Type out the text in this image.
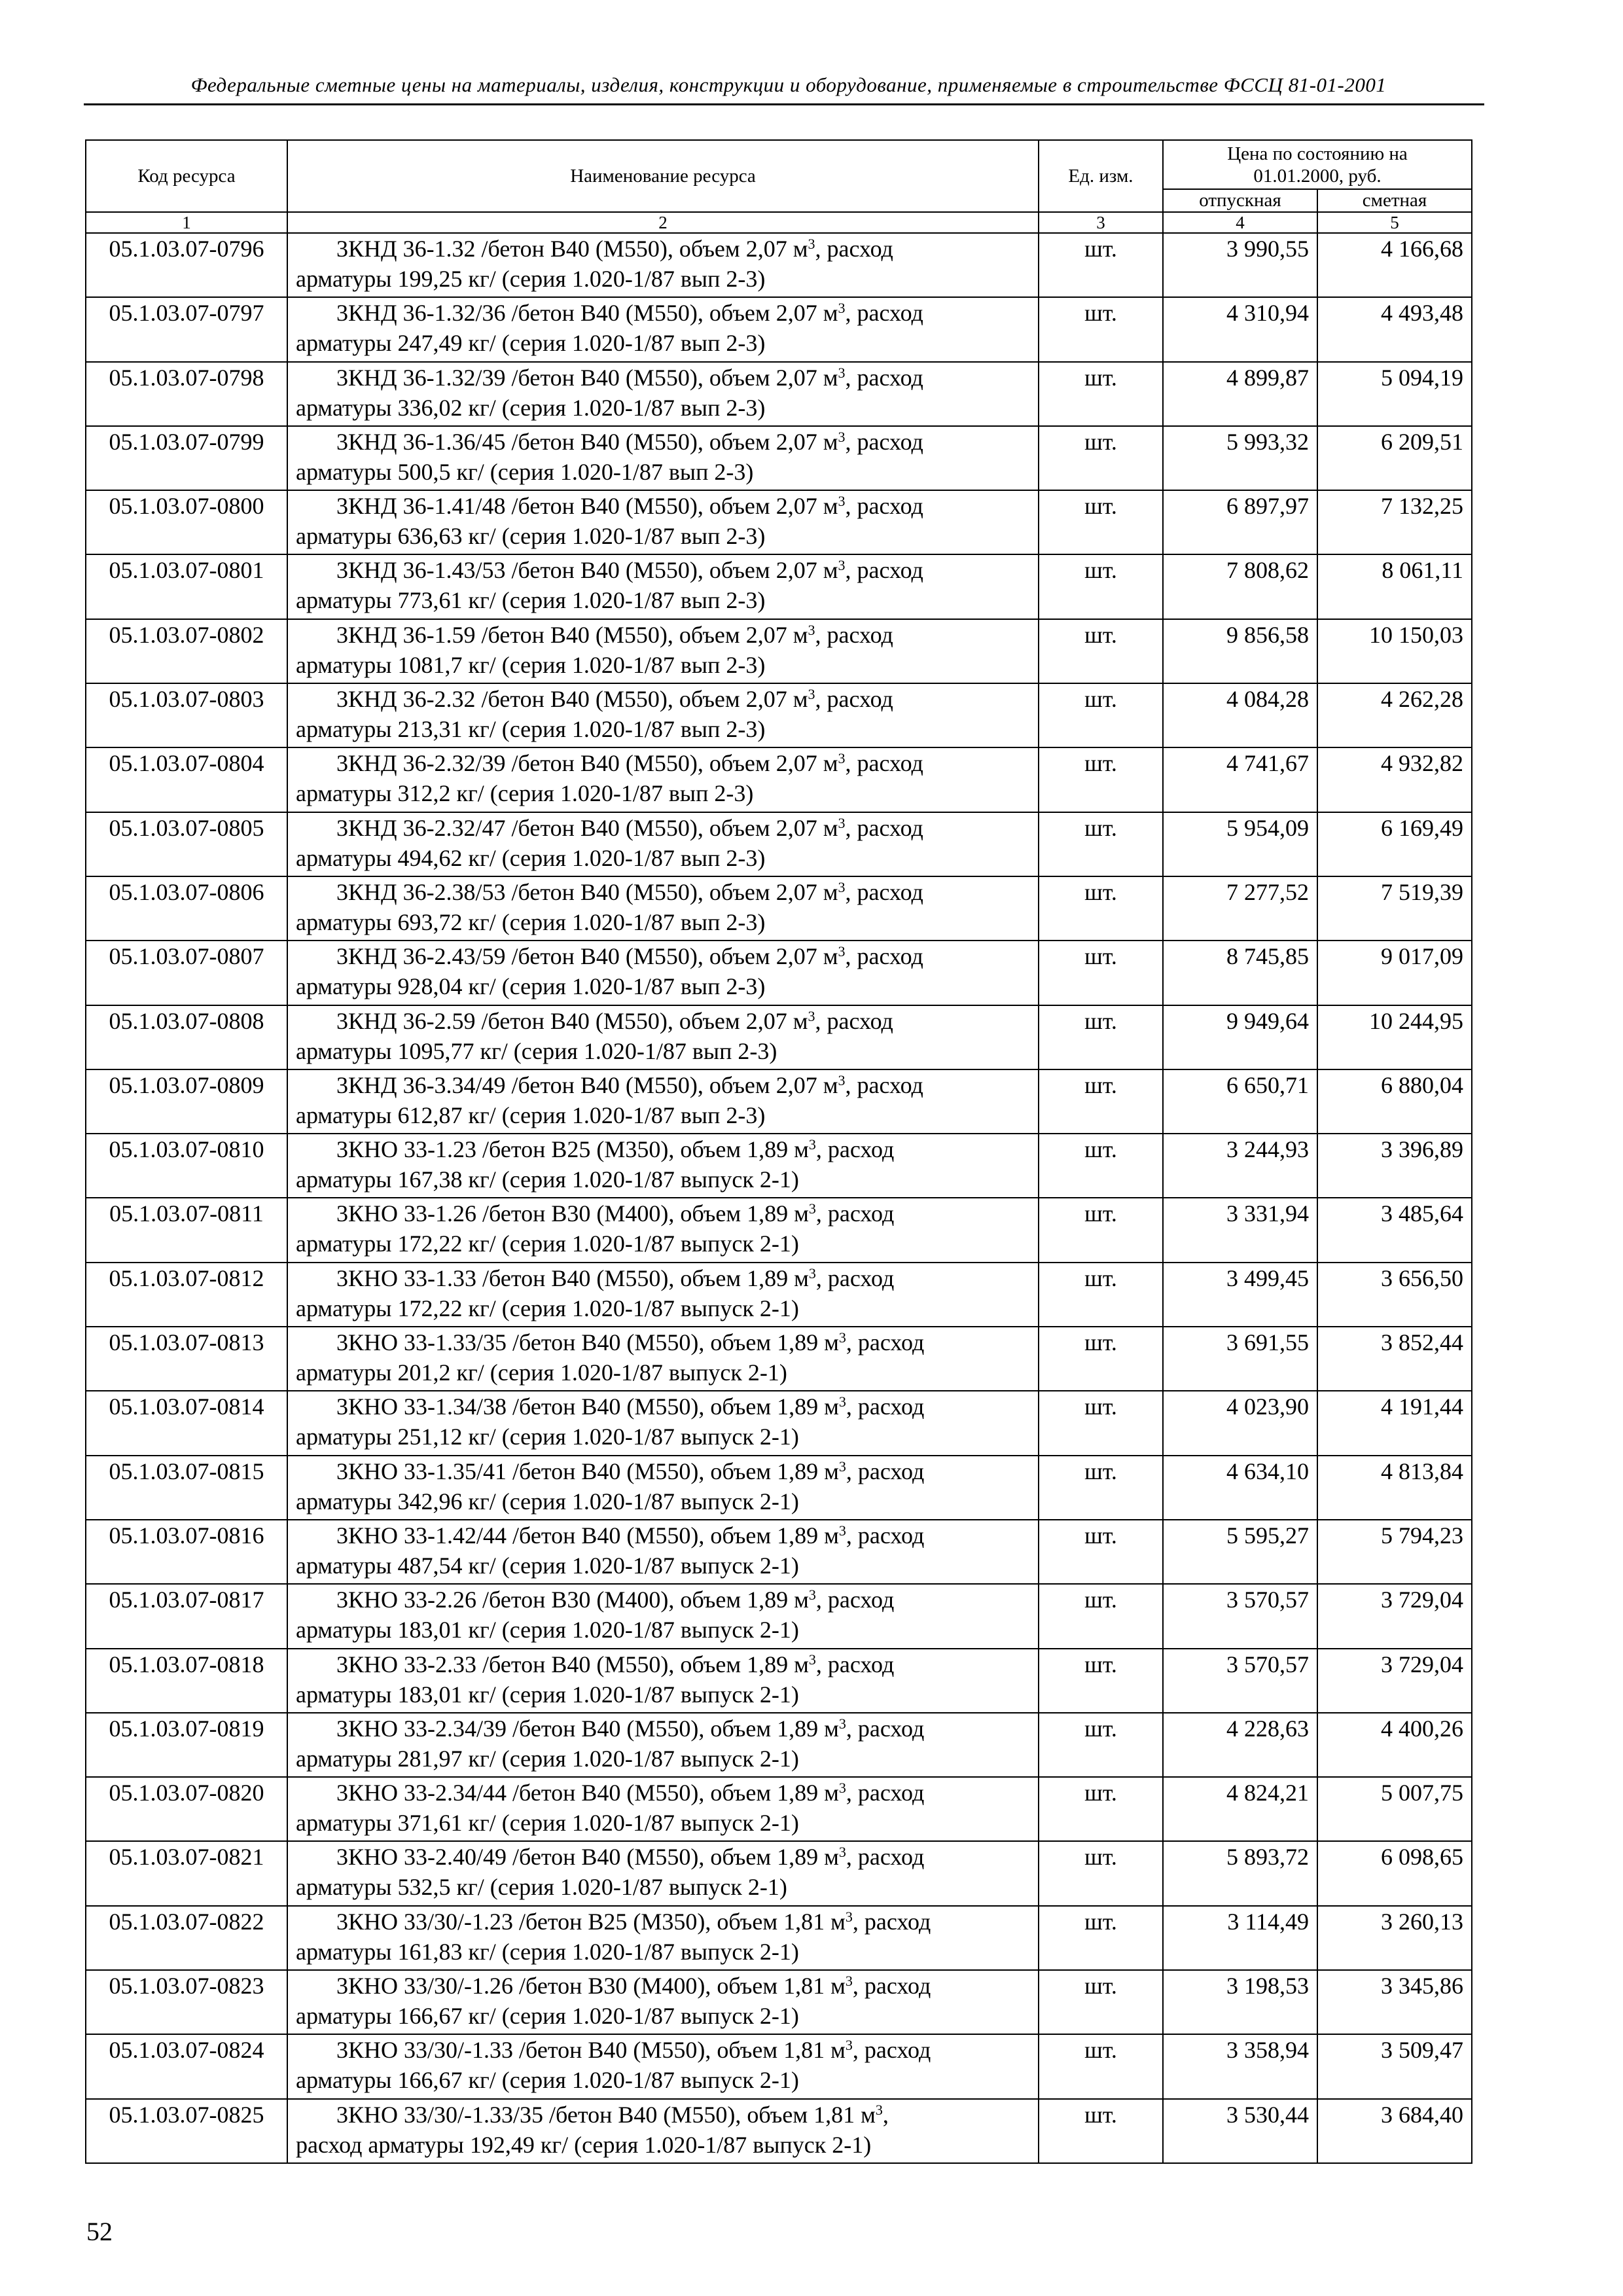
Федеральные сметные цены на материалы, изделия, конструкции и оборудование, применяемые в строительстве ФССЦ 81-01-2001
Код ресурса	Наименование ресурса	Ед. изм.	Цена по состоянию на 01.01.2000, руб.	
			отпускная	сметная
1	2	3	4	5
05.1.03.07-0796	3КНД 36-1.32 /бетон В40 (М550), объем 2,07 $м^3$, расход
арматуры 199,25 кг/ (серия 1.020-1/87 вып 2-3)	шт.	3 990,55	4 166,68
05.1.03.07-0797	3КНД 36-1.32/36 /бетон В40 (М550), объем 2,07 $м^3$, расход
арматуры 247,49 кг/ (серия 1.020-1/87 вып 2-3)	шт.	4 310,94	4 493,48
05.1.03.07-0798	3КНД 36-1.32/39 /бетон В40 (М550), объем 2,07 $м^3$, расход
арматуры 336,02 кг/ (серия 1.020-1/87 вып 2-3)	шт.	4 899,87	5 094,19
05.1.03.07-0799	3КНД 36-1.36/45 /бетон В40 (М550), объем 2,07 $м^3$, расход
арматуры 500,5 кг/ (серия 1.020-1/87 вып 2-3)	шт.	5 993,32	6 209,51
05.1.03.07-0800	3КНД 36-1.41/48 /бетон В40 (М550), объем 2,07 $м^3$, расход
арматуры 636,63 кг/ (серия 1.020-1/87 вып 2-3)	шт.	6 897,97	7 132,25
05.1.03.07-0801	3КНД 36-1.43/53 /бетон В40 (М550), объем 2,07 $м^3$, расход
арматуры 773,61 кг/ (серия 1.020-1/87 вып 2-3)	шт.	7 808,62	8 061,11
05.1.03.07-0802	3КНД 36-1.59 /бетон В40 (М550), объем 2,07 $м^3$, расход
арматуры 1081,7 кг/ (серия 1.020-1/87 вып 2-3)	шт.	9 856,58	10 150,03
05.1.03.07-0803	3КНД 36-2.32 /бетон В40 (М550), объем 2,07 $м^3$, расход
арматуры 213,31 кг/ (серия 1.020-1/87 вып 2-3)	шт.	4 084,28	4 262,28
05.1.03.07-0804	3КНД 36-2.32/39 /бетон В40 (М550), объем 2,07 $м^3$, расход
арматуры 312,2 кг/ (серия 1.020-1/87 вып 2-3)	шт.	4 741,67	4 932,82
05.1.03.07-0805	3КНД 36-2.32/47 /бетон В40 (М550), объем 2,07 $м^3$, расход
арматуры 494,62 кг/ (серия 1.020-1/87 вып 2-3)	шт.	5 954,09	6 169,49
05.1.03.07-0806	3КНД 36-2.38/53 /бетон В40 (М550), объем 2,07 $м^3$, расход
арматуры 693,72 кг/ (серия 1.020-1/87 вып 2-3)	шт.	7 277,52	7 519,39
05.1.03.07-0807	3КНД 36-2.43/59 /бетон В40 (М550), объем 2,07 $м^3$, расход
арматуры 928,04 кг/ (серия 1.020-1/87 вып 2-3)	шт.	8 745,85	9 017,09
05.1.03.07-0808	3КНД 36-2.59 /бетон В40 (М550), объем 2,07 $м^3$, расход
арматуры 1095,77 кг/ (серия 1.020-1/87 вып 2-3)	шт.	9 949,64	10 244,95
05.1.03.07-0809	3КНД 36-3.34/49 /бетон В40 (М550), объем 2,07 $м^3$, расход
арматуры 612,87 кг/ (серия 1.020-1/87 вып 2-3)	шт.	6 650,71	6 880,04
05.1.03.07-0810	3КНО 33-1.23 /бетон В25 (М350), объем 1,89 $м^3$, расход
арматуры 167,38 кг/ (серия 1.020-1/87 выпуск 2-1)	шт.	3 244,93	3 396,89
05.1.03.07-0811	3КНО 33-1.26 /бетон В30 (М400), объем 1,89 $м^3$, расход
арматуры 172,22 кг/ (серия 1.020-1/87 выпуск 2-1)	шт.	3 331,94	3 485,64
05.1.03.07-0812	3КНО 33-1.33 /бетон В40 (М550), объем 1,89 $м^3$, расход
арматуры 172,22 кг/ (серия 1.020-1/87 выпуск 2-1)	шт.	3 499,45	3 656,50
05.1.03.07-0813	3КНО 33-1.33/35 /бетон В40 (М550), объем 1,89 $м^3$, расход
арматуры 201,2 кг/ (серия 1.020-1/87 выпуск 2-1)	шт.	3 691,55	3 852,44
05.1.03.07-0814	3КНО 33-1.34/38 /бетон В40 (М550), объем 1,89 $м^3$, расход
арматуры 251,12 кг/ (серия 1.020-1/87 выпуск 2-1)	шт.	4 023,90	4 191,44
05.1.03.07-0815	3КНО 33-1.35/41 /бетон В40 (М550), объем 1,89 $м^3$, расход
арматуры 342,96 кг/ (серия 1.020-1/87 выпуск 2-1)	шт.	4 634,10	4 813,84
05.1.03.07-0816	3КНО 33-1.42/44 /бетон В40 (М550), объем 1,89 $м^3$, расход
арматуры 487,54 кг/ (серия 1.020-1/87 выпуск 2-1)	шт.	5 595,27	5 794,23
05.1.03.07-0817	3КНО 33-2.26 /бетон В30 (М400), объем 1,89 $м^3$, расход
арматуры 183,01 кг/ (серия 1.020-1/87 выпуск 2-1)	шт.	3 570,57	3 729,04
05.1.03.07-0818	3КНО 33-2.33 /бетон В40 (М550), объем 1,89 $м^3$, расход
арматуры 183,01 кг/ (серия 1.020-1/87 выпуск 2-1)	шт.	3 570,57	3 729,04
05.1.03.07-0819	3КНО 33-2.34/39 /бетон В40 (М550), объем 1,89 $м^3$, расход
арматуры 281,97 кг/ (серия 1.020-1/87 выпуск 2-1)	шт.	4 228,63	4 400,26
05.1.03.07-0820	3КНО 33-2.34/44 /бетон В40 (М550), объем 1,89 $м^3$, расход
арматуры 371,61 кг/ (серия 1.020-1/87 выпуск 2-1)	шт.	4 824,21	5 007,75
05.1.03.07-0821	3КНО 33-2.40/49 /бетон В40 (М550), объем 1,89 $м^3$, расход
арматуры 532,5 кг/ (серия 1.020-1/87 выпуск 2-1)	шт.	5 893,72	6 098,65
05.1.03.07-0822	3КНО 33/30/-1.23 /бетон В25 (М350), объем 1,81 $м^3$, расход
арматуры 161,83 кг/ (серия 1.020-1/87 выпуск 2-1)	шт.	3 114,49	3 260,13
05.1.03.07-0823	3КНО 33/30/-1.26 /бетон В30 (М400), объем 1,81 $м^3$, расход
арматуры 166,67 кг/ (серия 1.020-1/87 выпуск 2-1)	шт.	3 198,53	3 345,86
05.1.03.07-0824	3КНО 33/30/-1.33 /бетон В40 (М550), объем 1,81 $м^3$, расход
арматуры 166,67 кг/ (серия 1.020-1/87 выпуск 2-1)	шт.	3 358,94	3 509,47
05.1.03.07-0825	3КНО 33/30/-1.33/35 /бетон В40 (М550), объем 1,81 $м^3$,
расход арматуры 192,49 кг/ (серия 1.020-1/87 выпуск 2-1)	шт.	3 530,44	3 684,40
52
